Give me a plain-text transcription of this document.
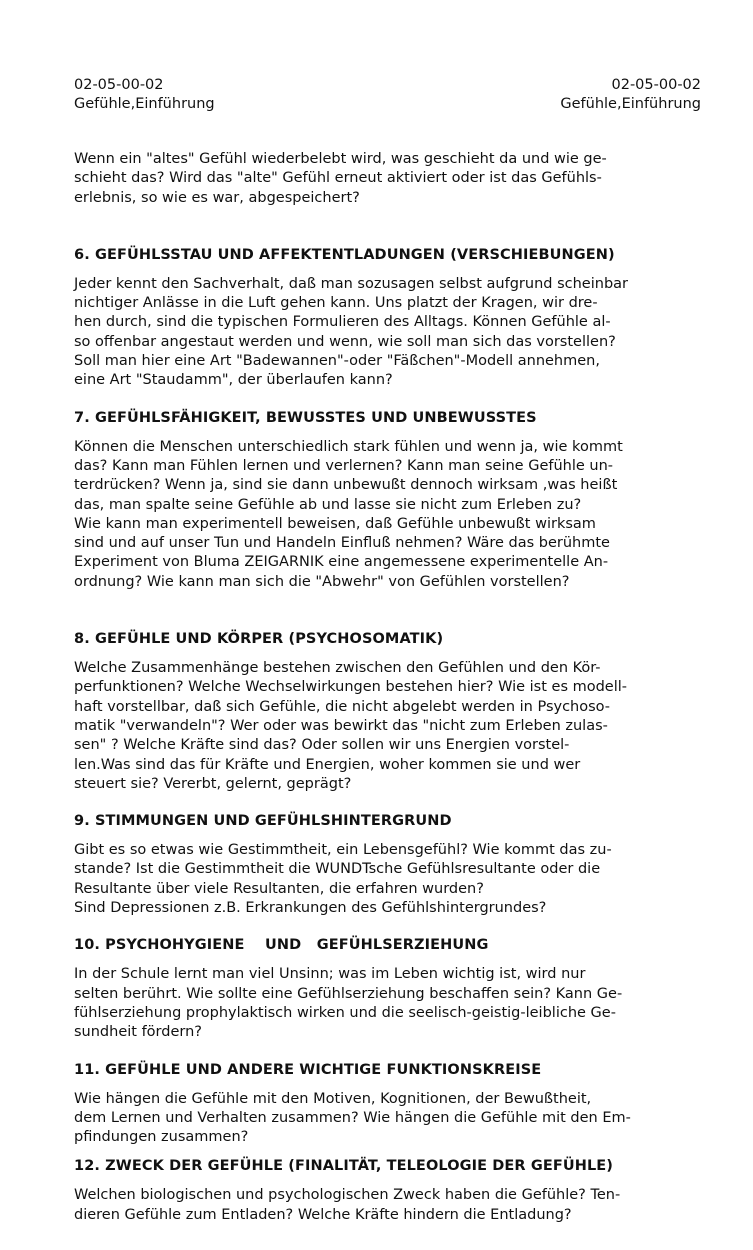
02-05-00-02
Gefühle,Einführung
02-05-00-02
Gefühle,Einführung

Wenn ein "altes" Gefühl wiederbelebt wird, was geschieht da und wie ge-
schieht das? Wird das "alte" Gefühl erneut aktiviert oder ist das Gefühls-
erlebnis, so wie es war, abgespeichert?

6. GEFÜHLSSTAU UND AFFEKTENTLADUNGEN (VERSCHIEBUNGEN)

Jeder kennt den Sachverhalt, daß man sozusagen selbst aufgrund scheinbar
nichtiger Anlässe in die Luft gehen kann. Uns platzt der Kragen, wir dre-
hen durch, sind die typischen Formulieren des Alltags. Können Gefühle al-
so offenbar angestaut werden und wenn, wie soll man sich das vorstellen?
Soll man hier eine Art "Badewannen"-oder "Fäßchen"-Modell annehmen,
eine Art "Staudamm", der überlaufen kann?

7. GEFÜHLSFÄHIGKEIT, BEWUSSTES UND UNBEWUSSTES

Können die Menschen unterschiedlich stark fühlen und wenn ja, wie kommt
das? Kann man Fühlen lernen und verlernen? Kann man seine Gefühle un-
terdrücken? Wenn ja, sind sie dann unbewußt dennoch wirksam ,was heißt
das, man spalte seine Gefühle ab und lasse sie nicht zum Erleben zu?
Wie kann man experimentell beweisen, daß Gefühle unbewußt wirksam
sind und auf unser Tun und Handeln Einfluß nehmen? Wäre das berühmte
Experiment von Bluma ZEIGARNIK eine angemessene experimentelle An-
ordnung? Wie kann man sich die "Abwehr" von Gefühlen vorstellen?

8. GEFÜHLE UND KÖRPER (PSYCHOSOMATIK)

Welche Zusammenhänge bestehen zwischen den Gefühlen und den Kör-
perfunktionen? Welche Wechselwirkungen bestehen hier? Wie ist es modell-
haft vorstellbar, daß sich Gefühle, die nicht abgelebt werden in Psychoso-
matik "verwandeln"? Wer oder was bewirkt das "nicht zum Erleben zulas-
sen" ? Welche Kräfte sind das? Oder sollen wir uns Energien vorstel-
len.Was sind das für Kräfte und Energien, woher kommen sie und wer
steuert sie? Vererbt, gelernt, geprägt?

9. STIMMUNGEN UND GEFÜHLSHINTERGRUND

Gibt es so etwas wie Gestimmtheit, ein Lebensgefühl? Wie kommt das zu-
stande? Ist die Gestimmtheit die WUNDTsche Gefühlsresultante oder die
Resultante über viele Resultanten, die erfahren wurden?
Sind Depressionen z.B. Erkrankungen des Gefühlshintergrundes?

10. PSYCHOHYGIENE    UND   GEFÜHLSERZIEHUNG

In der Schule lernt man viel Unsinn; was im Leben wichtig ist, wird nur
selten berührt. Wie sollte eine Gefühlserziehung beschaffen sein? Kann Ge-
fühlserziehung prophylaktisch wirken und die seelisch-geistig-leibliche Ge-
sundheit fördern?

11. GEFÜHLE UND ANDERE WICHTIGE FUNKTIONSKREISE

Wie hängen die Gefühle mit den Motiven, Kognitionen, der Bewußtheit,
dem Lernen und Verhalten zusammen? Wie hängen die Gefühle mit den Em-
pfindungen zusammen?

12. ZWECK DER GEFÜHLE (FINALITÄT, TELEOLOGIE DER GEFÜHLE)

Welchen biologischen und psychologischen Zweck haben die Gefühle? Ten-
dieren Gefühle zum Entladen? Welche Kräfte hindern die Entladung?
